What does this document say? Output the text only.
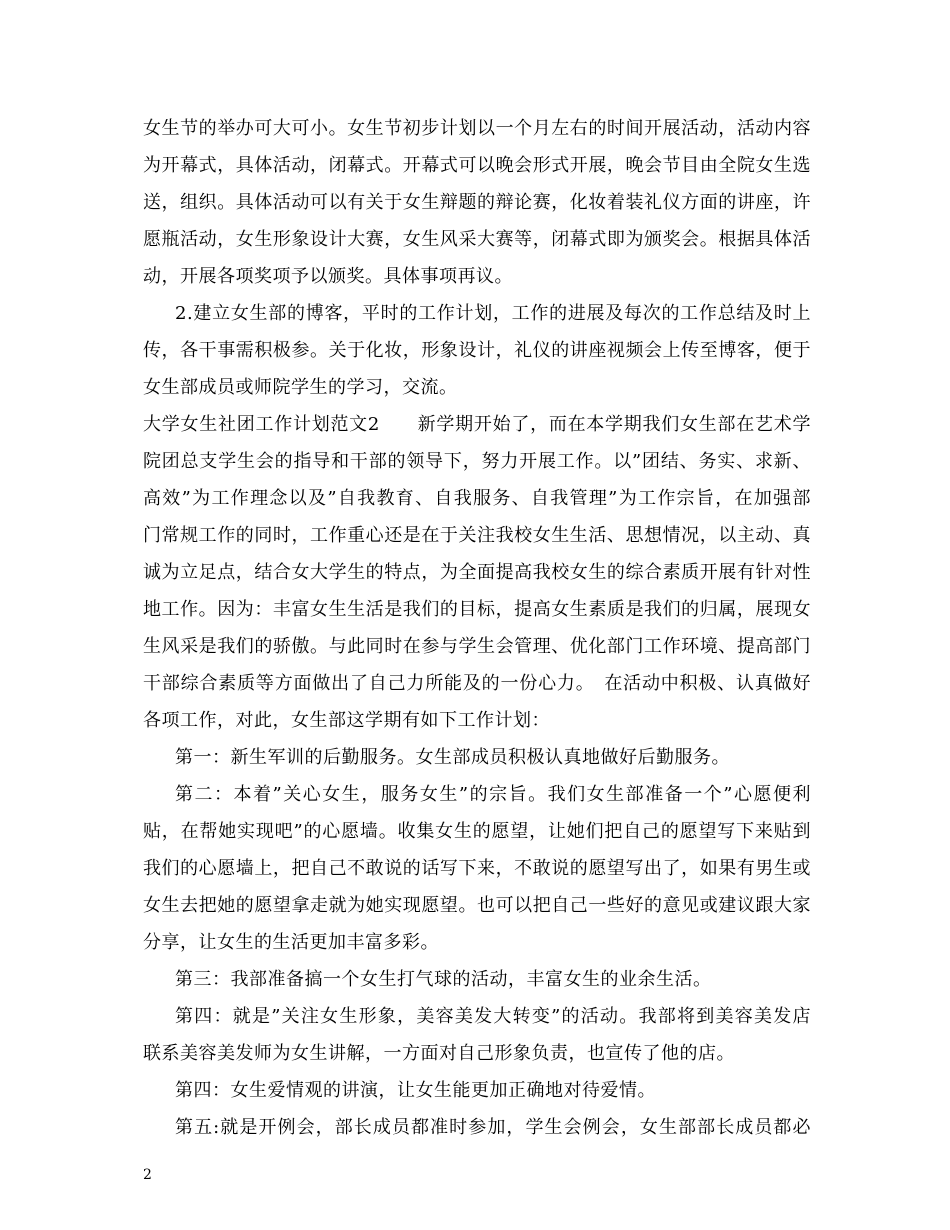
女生节的举办可大可小。女生节初步计划以一个月左右的时间开展活动，活动内容
为开幕式，具体活动，闭幕式。开幕式可以晚会形式开展，晚会节目由全院女生选
送，组织。具体活动可以有关于女生辩题的辩论赛，化妆着装礼仪方面的讲座，许
愿瓶活动，女生形象设计大赛，女生风采大赛等，闭幕式即为颁奖会。根据具体活
动，开展各项奖项予以颁奖。具体事项再议。
2.建立女生部的博客，平时的工作计划，工作的进展及每次的工作总结及时上
传，各干事需积极参。关于化妆，形象设计，礼仪的讲座视频会上传至博客，便于
女生部成员或师院学生的学习，交流。
大学女生社团工作计划范文2　　新学期开始了，而在本学期我们女生部在艺术学
院团总支学生会的指导和干部的领导下，努力开展工作。以”团结、务实、求新、
高效”为工作理念以及”自我教育、自我服务、自我管理”为工作宗旨，在加强部
门常规工作的同时，工作重心还是在于关注我校女生生活、思想情况，以主动、真
诚为立足点，结合女大学生的特点，为全面提高我校女生的综合素质开展有针对性
地工作。因为：丰富女生生活是我们的目标，提高女生素质是我们的归属，展现女
生风采是我们的骄傲。与此同时在参与学生会管理、优化部门工作环境、提高部门
干部综合素质等方面做出了自己力所能及的一份心力。　在活动中积极、认真做好
各项工作，对此，女生部这学期有如下工作计划：
第一：新生军训的后勤服务。女生部成员积极认真地做好后勤服务。
第二：本着”关心女生，服务女生”的宗旨。我们女生部准备一个”心愿便利
贴，在帮她实现吧”的心愿墙。收集女生的愿望，让她们把自己的愿望写下来贴到
我们的心愿墙上，把自己不敢说的话写下来，不敢说的愿望写出了，如果有男生或
女生去把她的愿望拿走就为她实现愿望。也可以把自己一些好的意见或建议跟大家
分享，让女生的生活更加丰富多彩。
第三：我部准备搞一个女生打气球的活动，丰富女生的业余生活。
第四：就是”关注女生形象，美容美发大转变”的活动。我部将到美容美发店
联系美容美发师为女生讲解，一方面对自己形象负责，也宣传了他的店。
第四：女生爱情观的讲演，让女生能更加正确地对待爱情。
第五:就是开例会，部长成员都准时参加，学生会例会，女生部部长成员都必
2
